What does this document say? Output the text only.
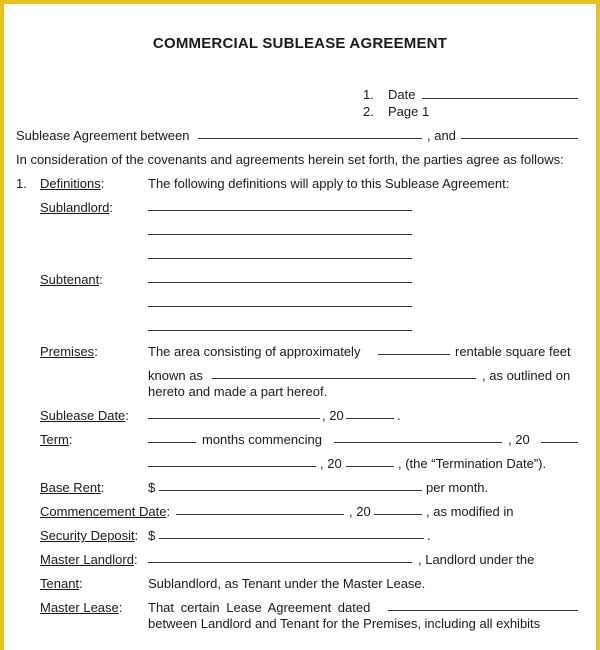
COMMERCIAL SUBLEASE AGREEMENT
1. Date
2. Page 1
Sublease Agreement between	, and
In consideration of the covenants and agreements herein set forth, the parties agree as follows:
1. Definitions:	The following definitions will apply to this Sublease Agreement:
Sublandlord:
Subtenant:
Premises:	The area consisting of approximately	rentable square feet
known as	, as outlined on
hereto and made a part hereof.
Sublease Date:	, 20	.
Term:	months commencing	, 20
, 20	, (the “Termination Date”).
Base Rent:	$	per month.
Commencement Date:	, 20	, as modified in
Security Deposit: $	.
Master Landlord:	, Landlord under the
Tenant:	Sublandlord, as Tenant under the Master Lease.
Master Lease: That certain Lease Agreement dated
between Landlord and Tenant for the Premises, including all exhibits
